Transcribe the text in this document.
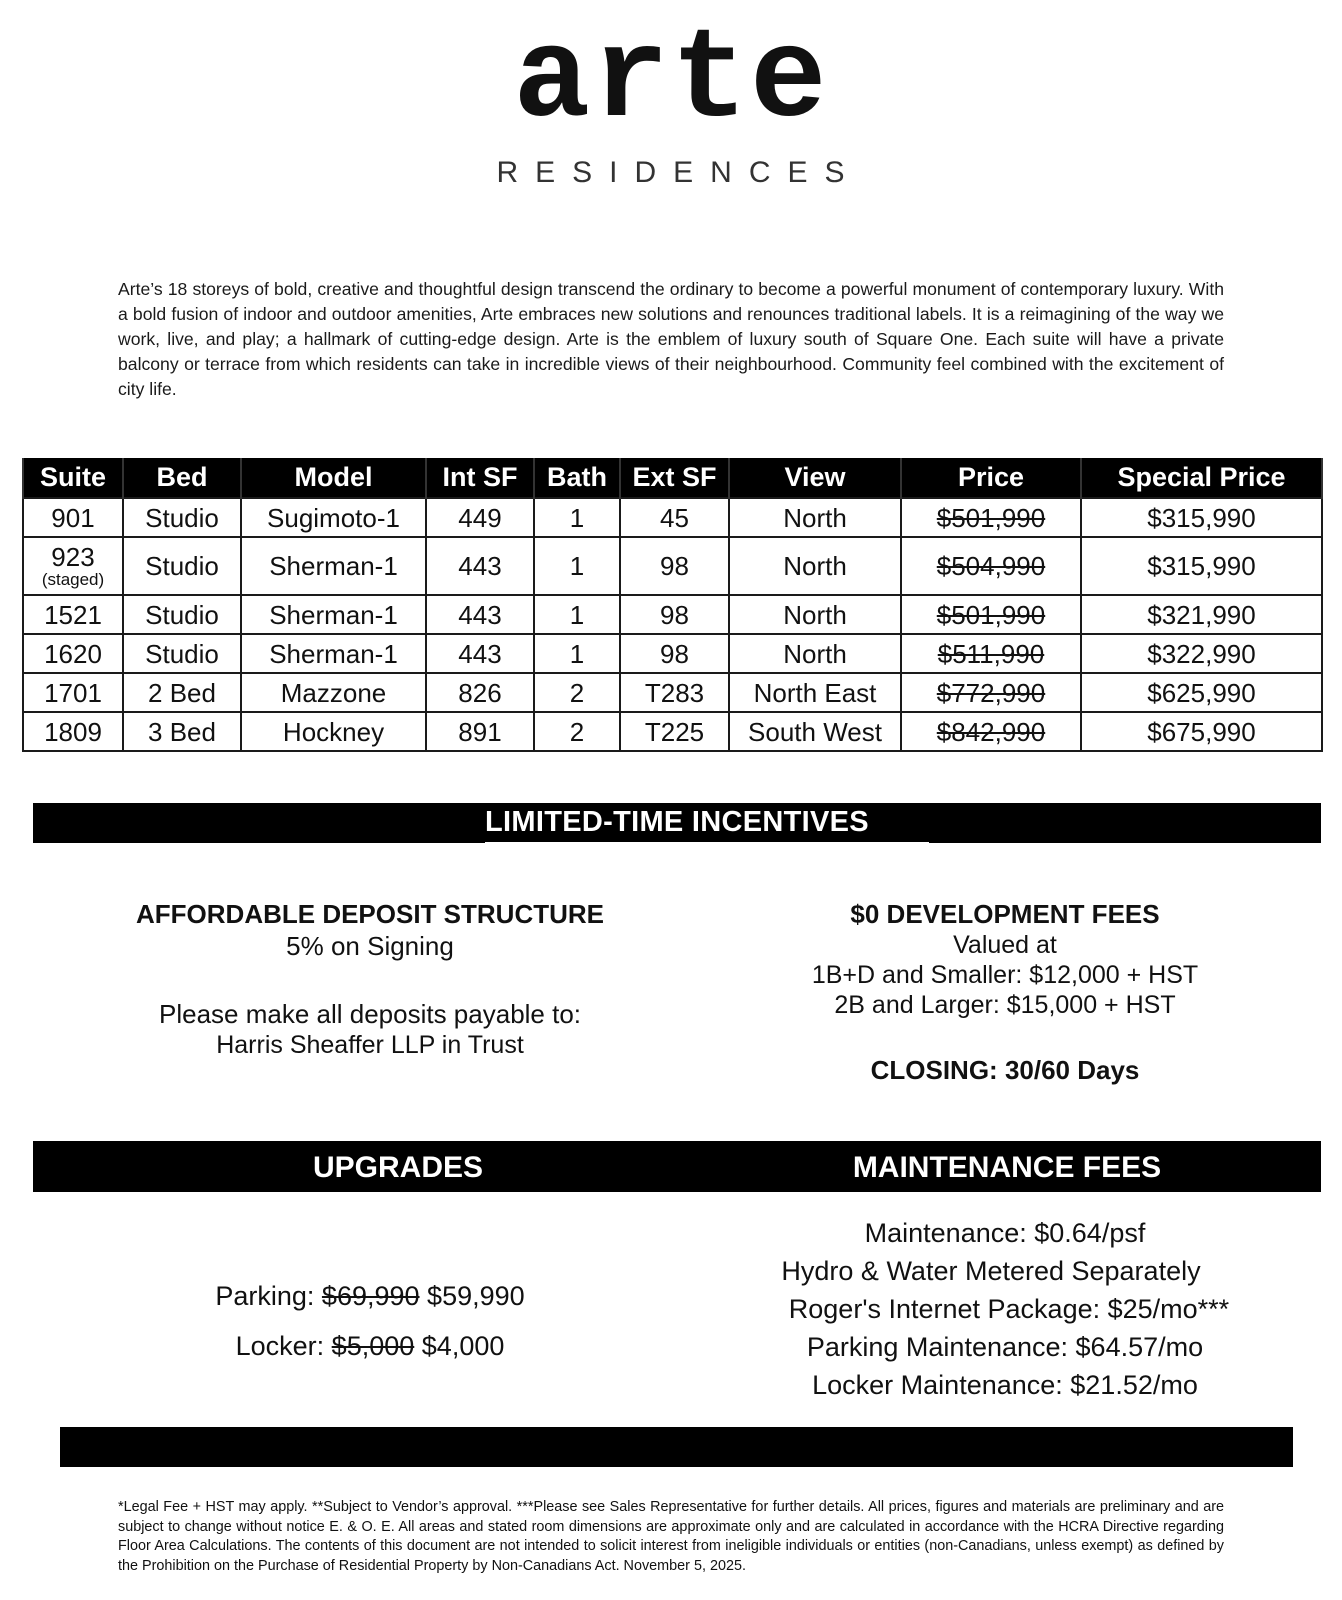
arte
RESIDENCES

Arte’s 18 storeys of bold, creative and thoughtful design transcend the ordinary to become a powerful monument of contemporary luxury. With a bold fusion of indoor and outdoor amenities, Arte embraces new solutions and renounces traditional labels. It is a reimagining of the way we work, live, and play; a hallmark of cutting-edge design. Arte is the emblem of luxury south of Square One. Each suite will have a private balcony or terrace from which residents can take in incredible views of their neighbourhood. Community feel combined with the excitement of city life.

Suite	Bed	Model	Int SF	Bath	Ext SF	View	Price	Special Price
901	Studio	Sugimoto-1	449	1	45	North	$501,990	$315,990
923
(staged)	Studio	Sherman-1	443	1	98	North	$504,990	$315,990
1521	Studio	Sherman-1	443	1	98	North	$501,990	$321,990
1620	Studio	Sherman-1	443	1	98	North	$511,990	$322,990
1701	2 Bed	Mazzone	826	2	T283	North East	$772,990	$625,990
1809	3 Bed	Hockney	891	2	T225	South West	$842,990	$675,990
LIMITED-TIME INCENTIVES
AFFORDABLE DEPOSIT STRUCTURE
5% on Signing
Please make all deposits payable to:
Harris Sheaffer LLP in Trust
$0 DEVELOPMENT FEES
Valued at
1B+D and Smaller: $12,000 + HST
2B and Larger: $15,000 + HST
CLOSING: 30/60 Days
UPGRADES	MAINTENANCE FEES
Parking: $69,990 $59,990
Locker: $5,000 $4,000
Maintenance: $0.64/psf
Hydro & Water Metered Separately
Roger's Internet Package: $25/mo***
Parking Maintenance: $64.57/mo
Locker Maintenance: $21.52/mo

*Legal Fee + HST may apply. **Subject to Vendor’s approval. ***Please see Sales Representative for further details. All prices, figures and materials are preliminary and are subject to change without notice E. & O. E. All areas and stated room dimensions are approximate only and are calculated in accordance with the HCRA Directive regarding Floor Area Calculations. The contents of this document are not intended to solicit interest from ineligible individuals or entities (non-Canadians, unless exempt) as defined by the Prohibition on the Purchase of Residential Property by Non-Canadians Act. November 5, 2025.
